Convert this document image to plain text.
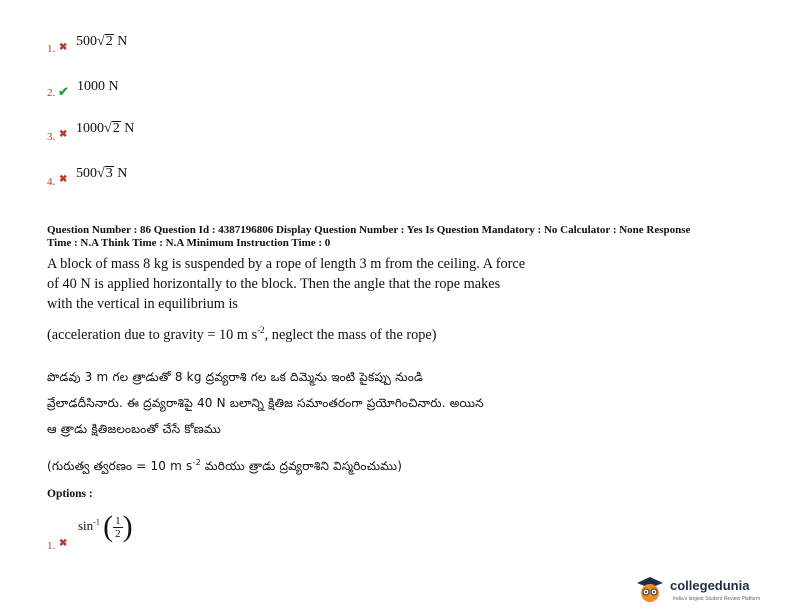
1. ✖ 500√2 N
2. ✔ 1000 N
3. ✖ 1000√2 N
4. ✖ 500√3 N
Question Number : 86 Question Id : 4387196806 Display Question Number : Yes Is Question Mandatory : No Calculator : None Response
Time : N.A Think Time : N.A Minimum Instruction Time : 0
A block of mass 8 kg is suspended by a rope of length 3 m from the ceiling. A force
of 40 N is applied horizontally to the block. Then the angle that the rope makes
with the vertical in equilibrium is
(acceleration due to gravity = 10 m $s^{-2}$, neglect the mass of the rope)
పొడవు 3 m గల త్రాడుతో 8 kg ద్రవ్యరాశి గల ఒక దిమ్మెను ఇంటి పైకప్పు నుండి
వ్రేలాడదీసినారు. ఈ ద్రవ్యరాశిపై 40 N బలాన్ని క్షితిజ సమాంతరంగా ప్రయోగించినారు. అయిన
ఆ త్రాడు క్షితిజలంబంతో చేసే కోణము
(గురుత్వ త్వరణం = 10 m $s^{-2}$ మరియు త్రాడు ద్రవ్యరాశిని విస్మరించుము)
Options :
$\sin^{-1}$ ( $\frac{1}{2}$ )
1. ✖
collegedunia
India's largest Student Review Platform
